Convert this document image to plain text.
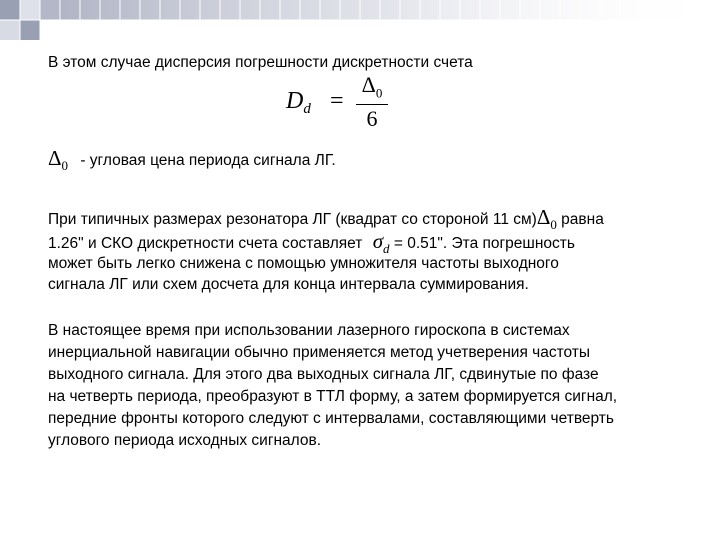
В этом случае дисперсия погрешности дискретности счета
$D_d$ =
$\Delta_0$
6
$\Delta_0$ - угловая цена периода сигнала ЛГ.
При типичных размерах резонатора ЛГ (квадрат со стороной 11 $см)\Delta_0$ равна
1.26" и СКО дискретности счета составляет $\sigma_d = 0.51$". Эта погрешность
может быть легко снижена с помощью умножителя частоты выходного
сигнала ЛГ или схем досчета для конца интервала суммирования.
В настоящее время при использовании лазерного гироскопа в системах
инерциальной навигации обычно применяется метод учетверения частоты
выходного сигнала. Для этого два выходных сигнала ЛГ, сдвинутые по фазе
на четверть периода, преобразуют в ТТЛ форму, а затем формируется сигнал,
передние фронты которого следуют с интервалами, составляющими четверть
углового периода исходных сигналов.
